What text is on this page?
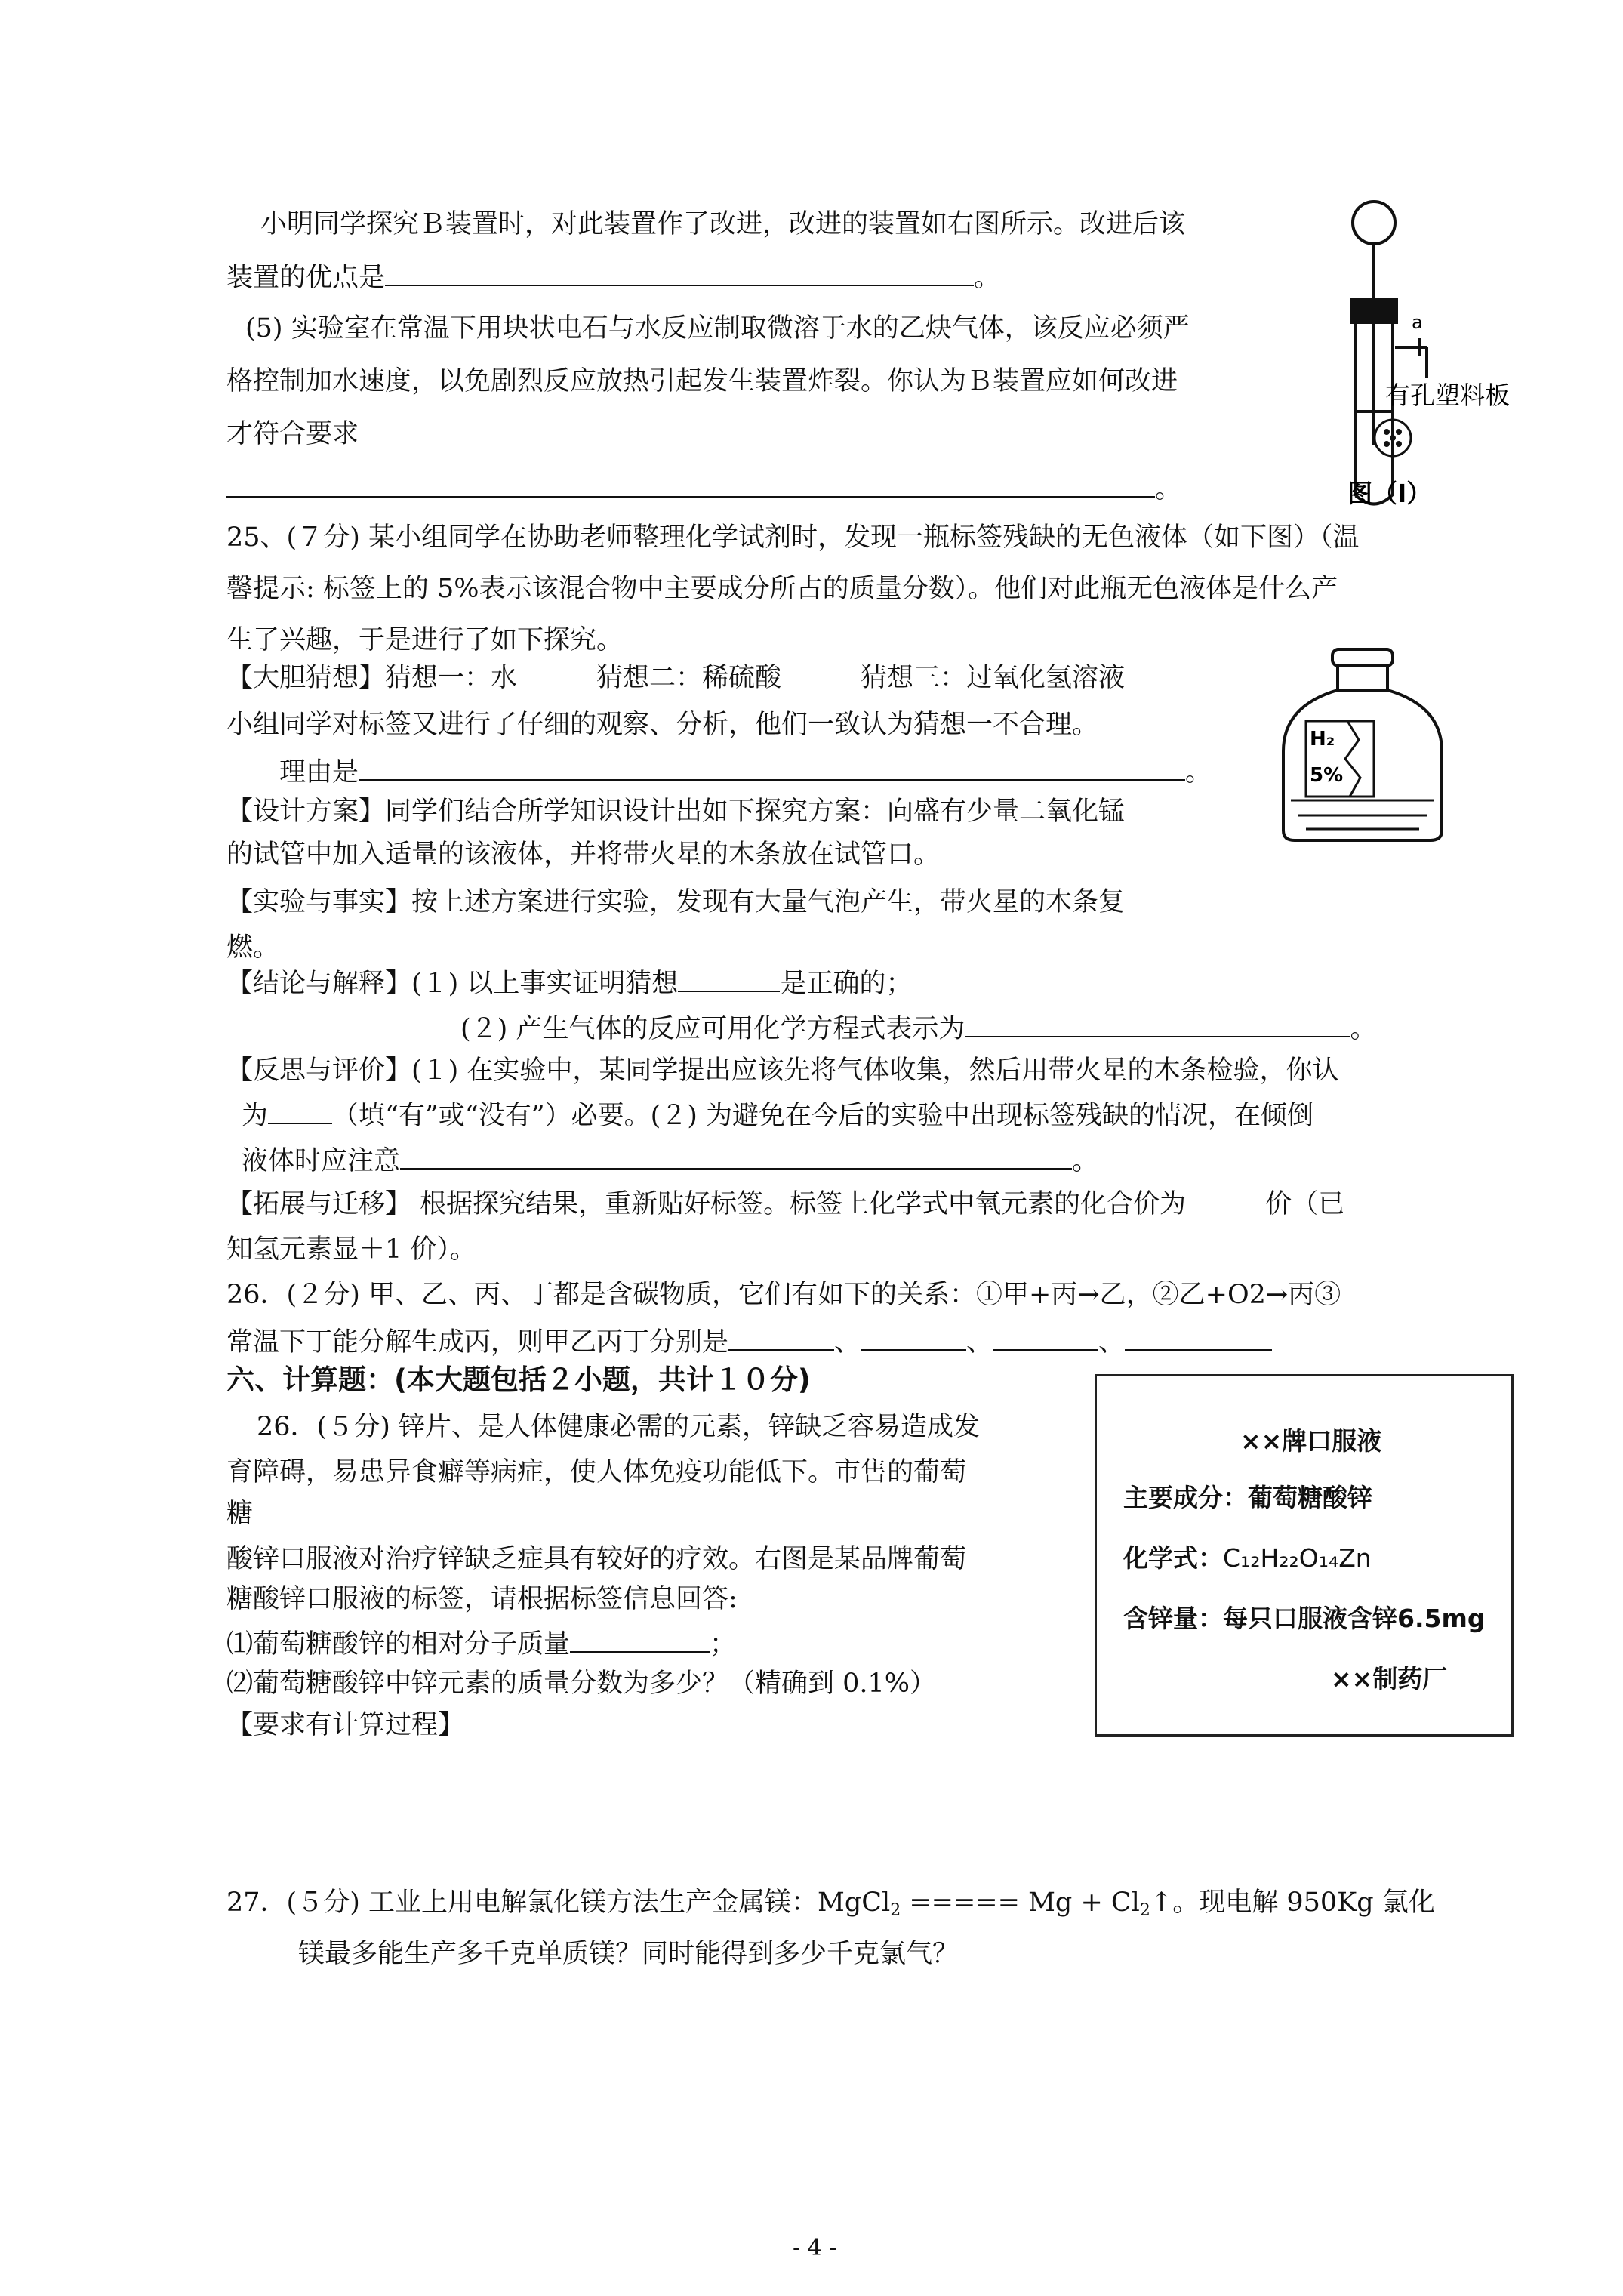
小明同学探究Ｂ装置时，对此装置作了改进，改进的装置如右图所示。改进后该
装置的优点是	。
(5) 实验室在常温下用块状电石与水反应制取微溶于水的乙炔气体，该反应必须严
格控制加水速度，以免剧烈反应放热引起发生装置炸裂。你认为Ｂ装置应如何改进
才符合要求
。
a
有孔塑料板
图（Ⅰ）
25、(７分) 某小组同学在协助老师整理化学试剂时，发现一瓶标签残缺的无色液体（如下图）（温
馨提示: 标签上的 5%表示该混合物中主要成分所占的质量分数）。他们对此瓶无色液体是什么产
生了兴趣，于是进行了如下探究。
【大胆猜想】猜想一：水　　　猜想二：稀硫酸　　　猜想三：过氧化氢溶液
小组同学对标签又进行了仔细的观察、分析，他们一致认为猜想一不合理。
理由是	。
【设计方案】同学们结合所学知识设计出如下探究方案：向盛有少量二氧化锰
的试管中加入适量的该液体，并将带火星的木条放在试管口。
【实验与事实】按上述方案进行实验，发现有大量气泡产生，带火星的木条复
燃。
H₂
5%
【结论与解释】(１) 以上事实证明猜想	是正确的；
(２) 产生气体的反应可用化学方程式表示为	。
【反思与评价】(１) 在实验中，某同学提出应该先将气体收集，然后用带火星的木条检验，你认
为 （填“有”或“没有”）必要。(２) 为避免在今后的实验中出现标签残缺的情况，在倾倒
液体时应注意	。
【拓展与迁移】 根据探究结果，重新贴好标签。标签上化学式中氧元素的化合价为　　　价（已
知氢元素显＋1 价）。
26．(２分) 甲、乙、丙、丁都是含碳物质，它们有如下的关系：①甲+丙→乙，②乙+O2→丙③
常温下丁能分解生成丙，则甲乙丙丁分别是	、	、	、
六、计算题：(本大题包括２小题，共计１０分)
26．(５分) 锌片、是人体健康必需的元素，锌缺乏容易造成发
育障碍，易患异食癖等病症，使人体免疫功能低下。市售的葡萄
糖
酸锌口服液对治疗锌缺乏症具有较好的疗效。右图是某品牌葡萄
糖酸锌口服液的标签，请根据标签信息回答:
⑴葡萄糖酸锌的相对分子质量	；
⑵葡萄糖酸锌中锌元素的质量分数为多少？（精确到 0.1%）
【要求有计算过程】
××牌口服液
主要成分：葡萄糖酸锌
化学式：C₁₂H₂₂O₁₄Zn
含锌量：每只口服液含锌6.5mg
××制药厂
27．(５分) 工业上用电解氯化镁方法生产金属镁：MgCl$_2$ ===== $Mg + Cl_2↑$。现电解 950Kg 氯化
镁最多能生产多千克单质镁？同时能得到多少千克氯气？
- 4 -
